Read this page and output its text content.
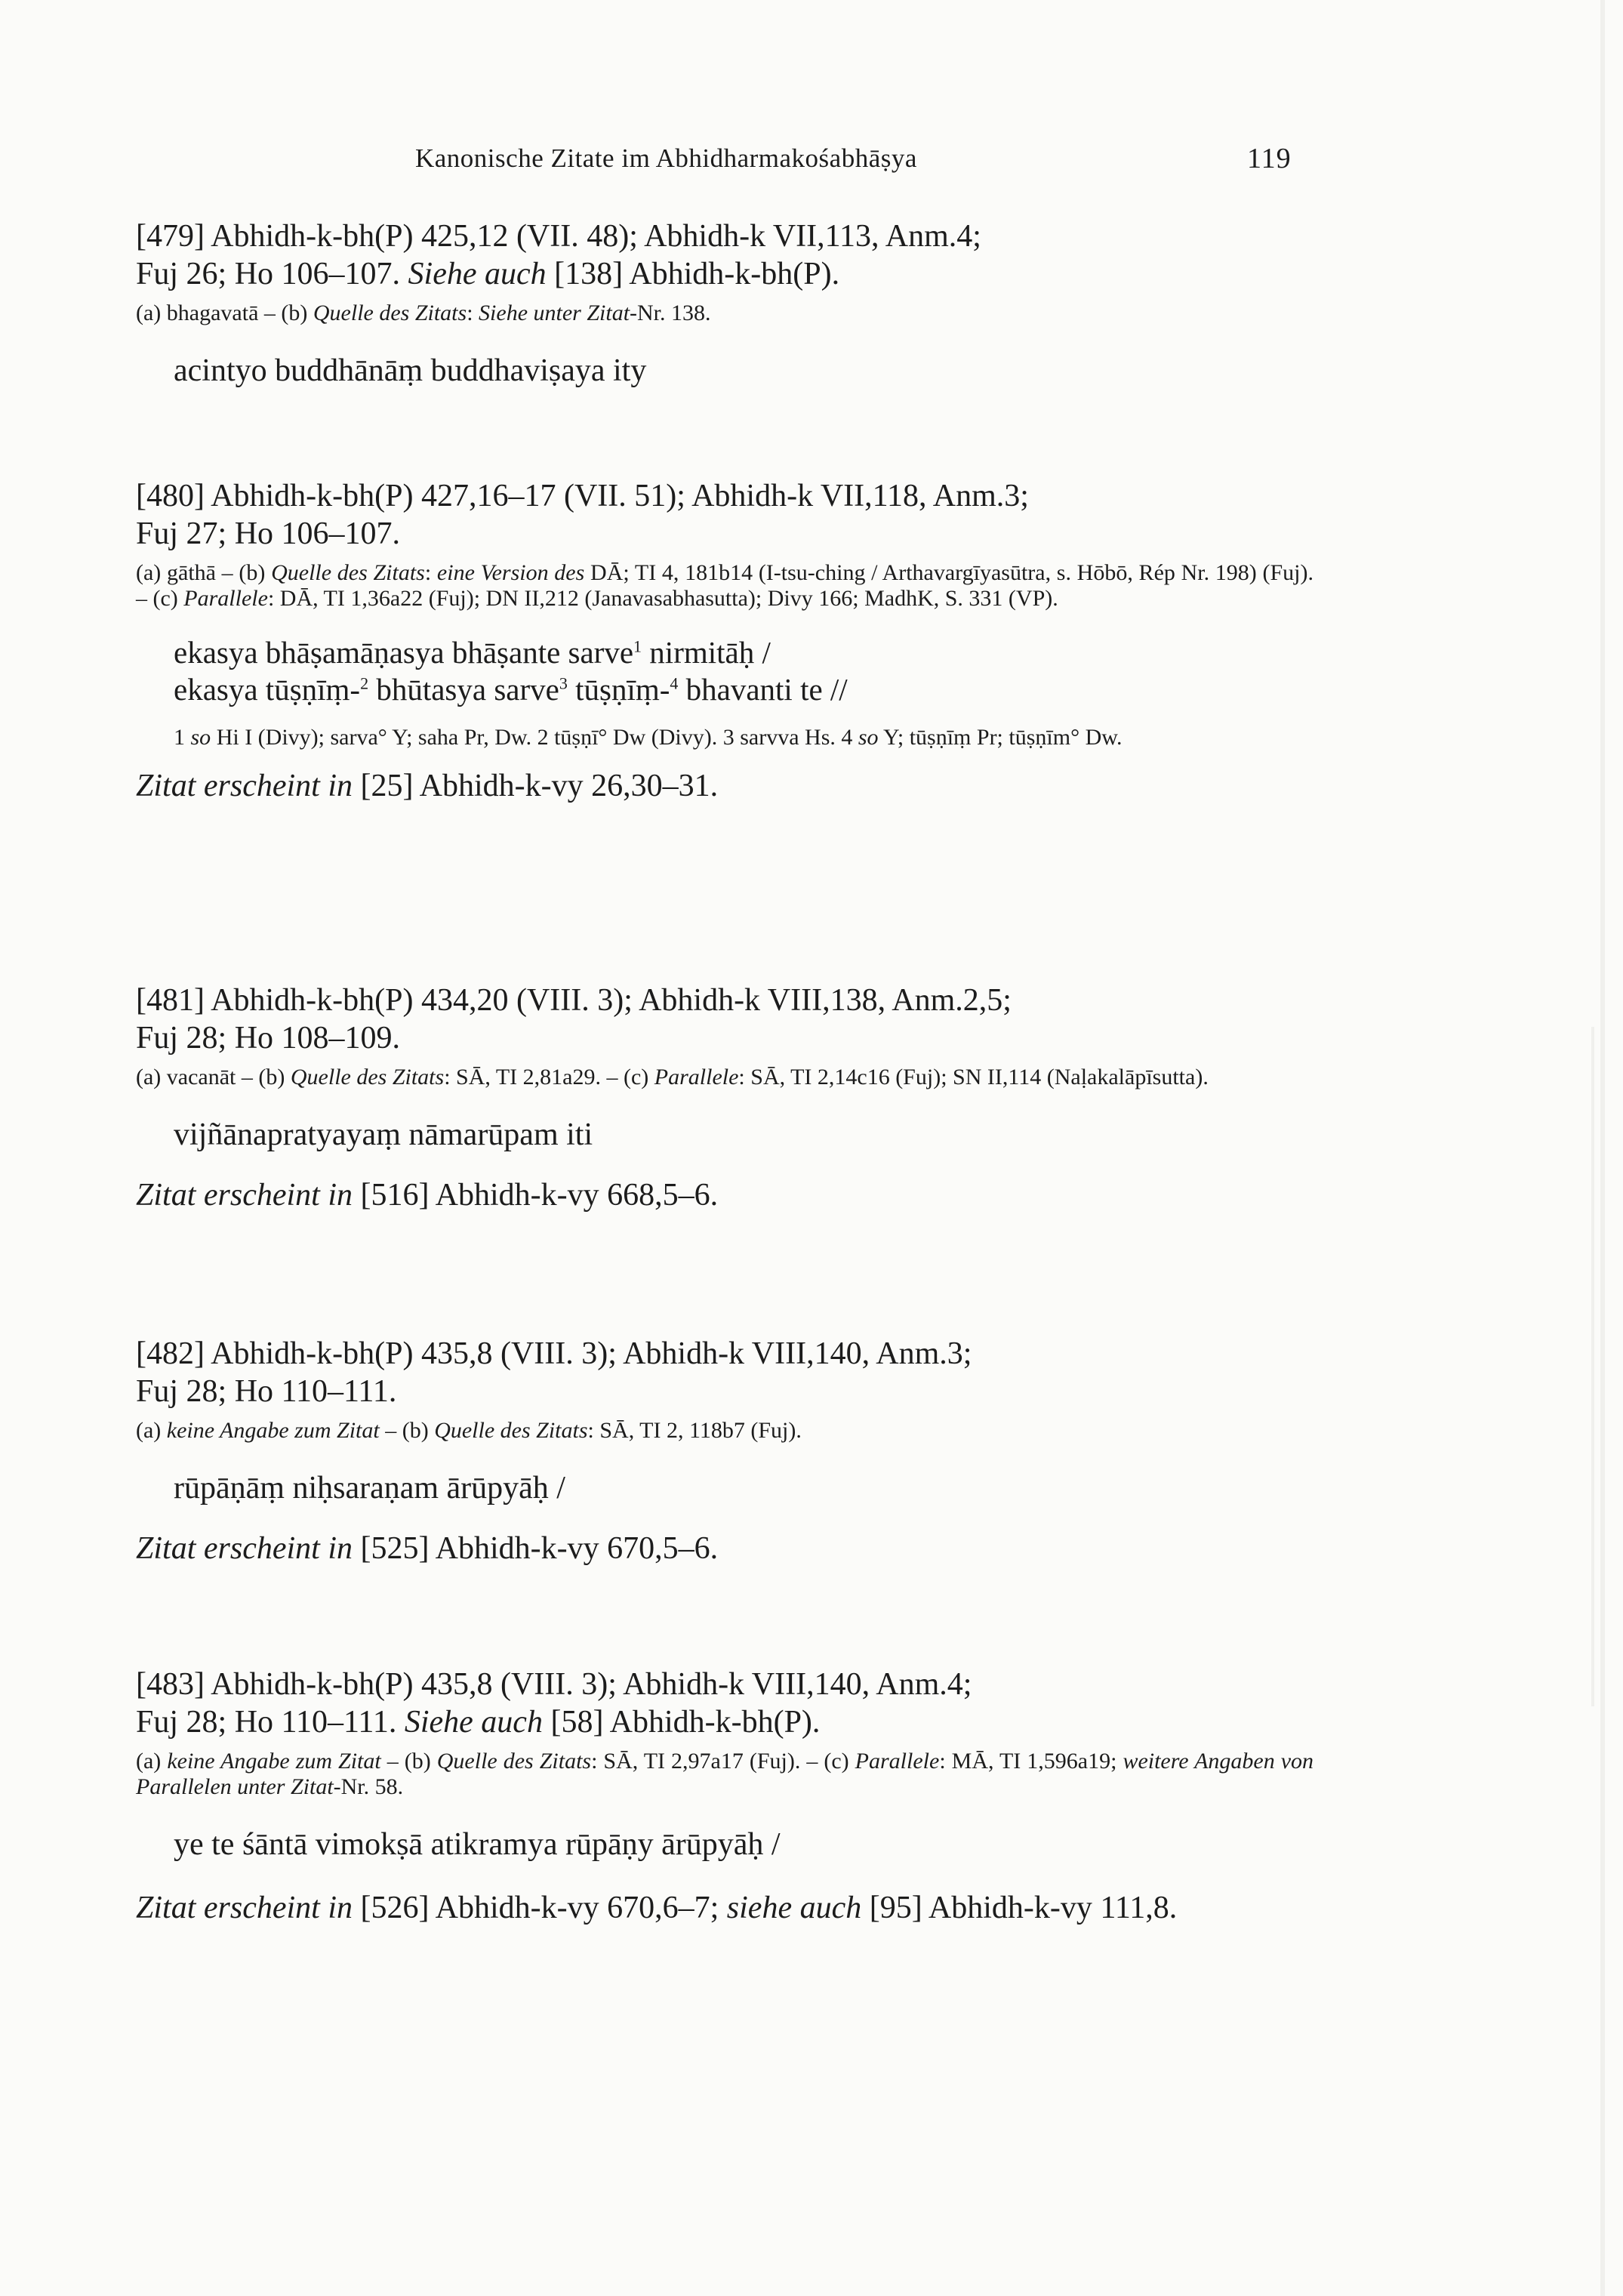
Kanonische Zitate im Abhidharmakośabhāṣya	119

[479] Abhidh-k-bh(P) 425,12 (VII. 48); Abhidh-k VII,113, Anm.4;
Fuj 26; Ho 106–107. Siehe auch [138] Abhidh-k-bh(P).

(a) bhagavatā – (b) Quelle des Zitats: Siehe unter Zitat-Nr. 138.

acintyo buddhānāṃ buddhaviṣaya ity

[480] Abhidh-k-bh(P) 427,16–17 (VII. 51); Abhidh-k VII,118, Anm.3;
Fuj 27; Ho 106–107.

(a) gāthā – (b) Quelle des Zitats: eine Version des DĀ; TI 4, 181b14 (I-tsu-ching / Arthavargīyasūtra, s. Hōbō, Rép Nr. 198) (Fuj). – (c) Parallele: DĀ, TI 1,36a22 (Fuj); DN II,212 (Janavasabhasutta); Divy 166; MadhK, S. 331 (VP).

ekasya bhāṣamāṇasya bhāṣante sarve$^1$ nirmitāḥ /
ekasya tūṣṇīṃ-$^2$ bhūtasya sarve$^3$ tūṣṇīṃ-$^4$ bhavanti te //

1 so Hi I (Divy); sarva° Y; saha Pr, Dw. 2 tūṣṇī° Dw (Divy). 3 sarvva Hs. 4 so Y; tūṣṇīṃ Pr; tūṣṇīm° Dw.

Zitat erscheint in [25] Abhidh-k-vy 26,30–31.

[481] Abhidh-k-bh(P) 434,20 (VIII. 3); Abhidh-k VIII,138, Anm.2,5;
Fuj 28; Ho 108–109.

(a) vacanāt – (b) Quelle des Zitats: SĀ, TI 2,81a29. – (c) Parallele: SĀ, TI 2,14c16 (Fuj); SN II,114 (Naḷakalāpīsutta).

vijñānapratyayaṃ nāmarūpam iti

Zitat erscheint in [516] Abhidh-k-vy 668,5–6.

[482] Abhidh-k-bh(P) 435,8 (VIII. 3); Abhidh-k VIII,140, Anm.3;
Fuj 28; Ho 110–111.

(a) keine Angabe zum Zitat – (b) Quelle des Zitats: SĀ, TI 2, 118b7 (Fuj).

rūpāṇāṃ niḥsaraṇam ārūpyāḥ /

Zitat erscheint in [525] Abhidh-k-vy 670,5–6.

[483] Abhidh-k-bh(P) 435,8 (VIII. 3); Abhidh-k VIII,140, Anm.4;
Fuj 28; Ho 110–111. Siehe auch [58] Abhidh-k-bh(P).

(a) keine Angabe zum Zitat – (b) Quelle des Zitats: SĀ, TI 2,97a17 (Fuj). – (c) Parallele: MĀ, TI 1,596a19; weitere Angaben von Parallelen unter Zitat-Nr. 58.

ye te śāntā vimokṣā atikramya rūpāṇy ārūpyāḥ /

Zitat erscheint in [526] Abhidh-k-vy 670,6–7; siehe auch [95] Abhidh-k-vy 111,8.
